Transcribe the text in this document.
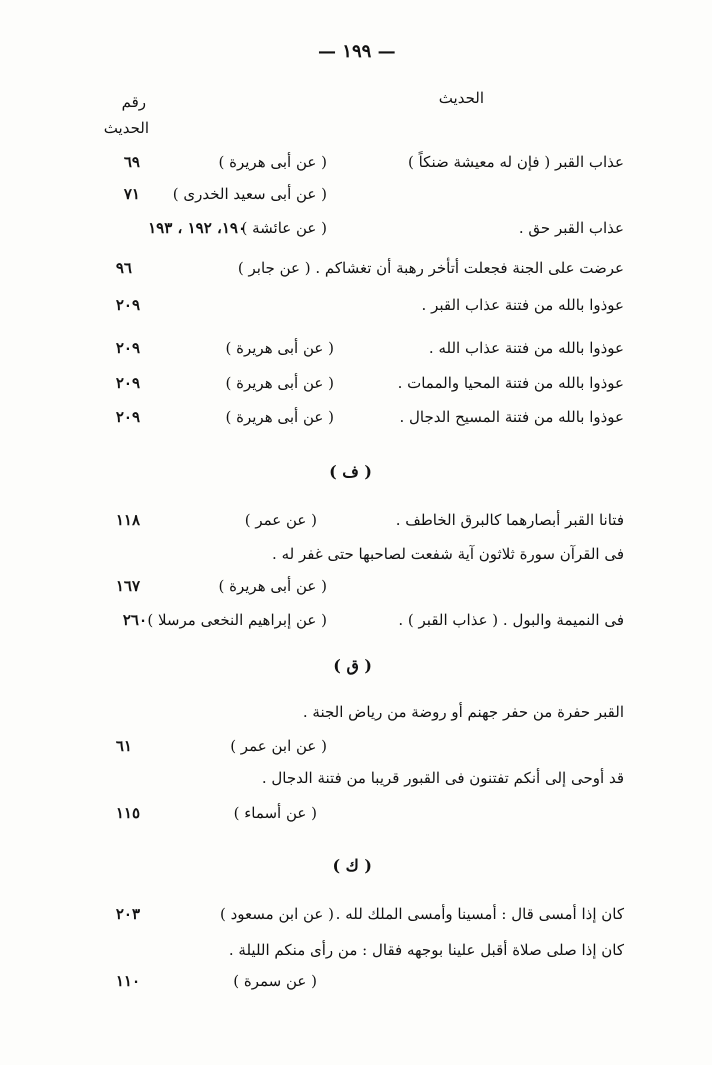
— ١٩٩ —
الحديث
رقم
الحديث
عذاب القبر ( فإن له معيشة ضنكاً )
( عن أبى هريرة )
٦٩
( عن أبى سعيد الخدرى )
٧١
عذاب القبر حق .
( عن عائشة )
١٩٠، ١٩٢ ، ١٩٣
عرضت على الجنة فجعلت أتأخر رهبة أن تغشاكم . ( عن جابر )
٩٦
عوذوا بالله من فتنة عذاب القبر .
٢٠٩
عوذوا بالله من فتنة عذاب الله .
( عن أبى هريرة )
٢٠٩
عوذوا بالله من فتنة المحيا والممات .
( عن أبى هريرة )
٢٠٩
عوذوا بالله من فتنة المسيح الدجال .
( عن أبى هريرة )
٢٠٩
( ف )
فتانا القبر أبصارهما كالبرق الخاطف .
( عن عمر )
١١٨
فى القرآن سورة ثلاثون آية شفعت لصاحبها حتى غفر له .
( عن أبى هريرة )
١٦٧
فى النميمة والبول . ( عذاب القبر ) .
( عن إبراهيم النخعى مرسلا )
٢٦٠
( ق )
القبر حفرة من حفر جهنم أو روضة من رياض الجنة .
( عن ابن عمر )
٦١
قد أوحى إلى أنكم تفتنون فى القبور قريبا من فتنة الدجال .
( عن أسماء )
١١٥
( ك )
كان إذا أمسى قال : أمسينا وأمسى الملك لله .
( عن ابن مسعود )
٢٠٣
كان إذا صلى صلاة أقبل علينا بوجهه فقال : من رأى منكم الليلة .
( عن سمرة )
١١٠
